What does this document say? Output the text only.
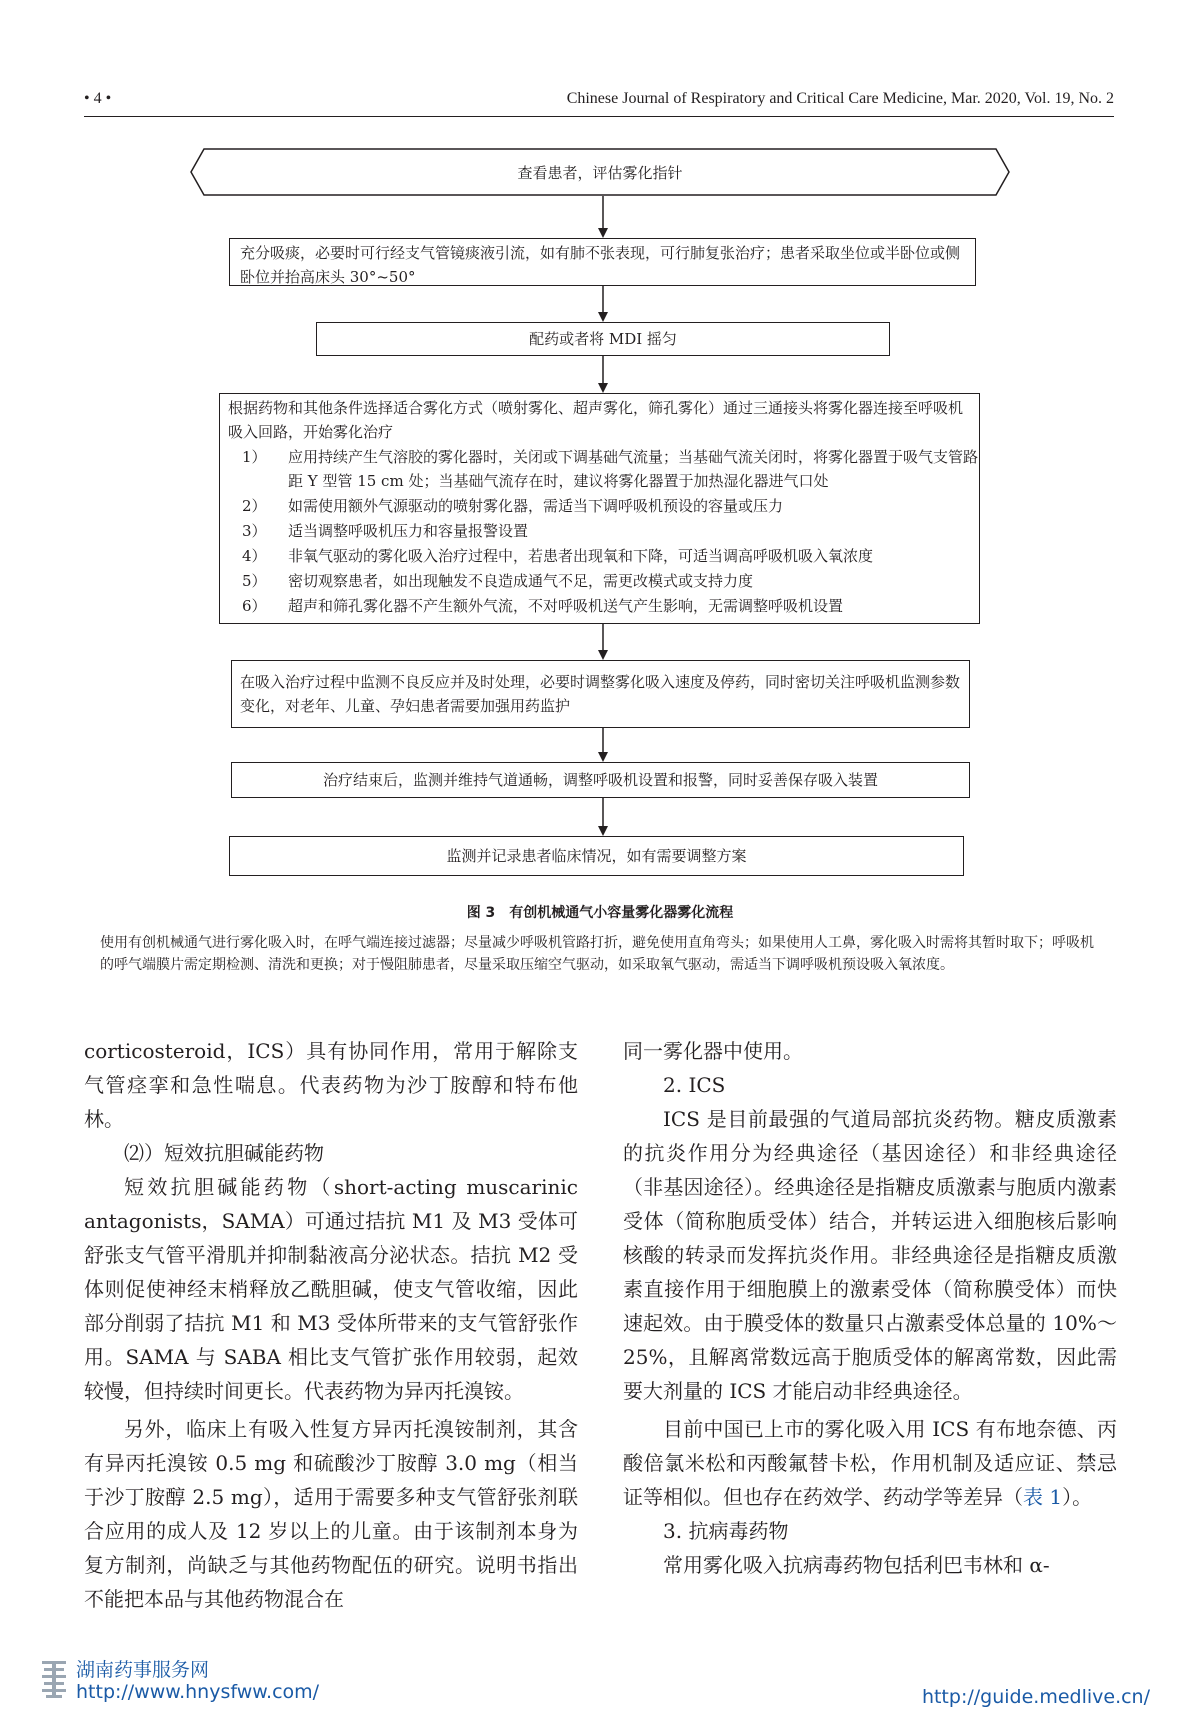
• 4 •	Chinese Journal of Respiratory and Critical Care Medicine, Mar. 2020, Vol. 19, No. 2
查看患者，评估雾化指针
充分吸痰，必要时可行经支气管镜痰液引流，如有肺不张表现，可行肺复张治疗；患者采取坐位或半卧位或侧卧位并抬高床头 30°~50°
配药或者将 MDI 摇匀
根据药物和其他条件选择适合雾化方式（喷射雾化、超声雾化，筛孔雾化）通过三通接头将雾化器连接至呼吸机吸入回路，开始雾化治疗
1） 应用持续产生气溶胶的雾化器时，关闭或下调基础气流量；当基础气流关闭时，将雾化器置于吸气支管路距 Y 型管 15 cm 处；当基础气流存在时，建议将雾化器置于加热湿化器进气口处
2） 如需使用额外气源驱动的喷射雾化器，需适当下调呼吸机预设的容量或压力
3） 适当调整呼吸机压力和容量报警设置
4） 非氧气驱动的雾化吸入治疗过程中，若患者出现氧和下降，可适当调高呼吸机吸入氧浓度
5） 密切观察患者，如出现触发不良造成通气不足，需更改模式或支持力度
6） 超声和筛孔雾化器不产生额外气流，不对呼吸机送气产生影响，无需调整呼吸机设置
在吸入治疗过程中监测不良反应并及时处理，必要时调整雾化吸入速度及停药，同时密切关注呼吸机监测参数变化，对老年、儿童、孕妇患者需要加强用药监护
治疗结束后，监测并维持气道通畅，调整呼吸机设置和报警，同时妥善保存吸入装置
监测并记录患者临床情况，如有需要调整方案
图 3　有创机械通气小容量雾化器雾化流程
使用有创机械通气进行雾化吸入时，在呼气端连接过滤器；尽量减少呼吸机管路打折，避免使用直角弯头；如果使用人工鼻，雾化吸入时需将其暂时取下；呼吸机的呼气端膜片需定期检测、清洗和更换；对于慢阻肺患者，尽量采取压缩空气驱动，如采取氧气驱动，需适当下调呼吸机预设吸入氧浓度。

corticosteroid，ICS）具有协同作用，常用于解除支气管痉挛和急性喘息。代表药物为沙丁胺醇和特布他林。

⑵）短效抗胆碱能药物

短效抗胆碱能药物（short-acting muscarinic antagonists，SAMA）可通过拮抗 M1 及 M3 受体可舒张支气管平滑肌并抑制黏液高分泌状态。拮抗 M2 受体则促使神经末梢释放乙酰胆碱，使支气管收缩，因此部分削弱了拮抗 M1 和 M3 受体所带来的支气管舒张作用。SAMA 与 SABA 相比支气管扩张作用较弱，起效较慢，但持续时间更长。代表药物为异丙托溴铵。

另外，临床上有吸入性复方异丙托溴铵制剂，其含有异丙托溴铵 0.5 mg 和硫酸沙丁胺醇 3.0 mg（相当于沙丁胺醇 2.5 mg），适用于需要多种支气管舒张剂联合应用的成人及 12 岁以上的儿童。由于该制剂本身为复方制剂，尚缺乏与其他药物配伍的研究。说明书指出不能把本品与其他药物混合在

同一雾化器中使用。

2. ICS

ICS 是目前最强的气道局部抗炎药物。糖皮质激素的抗炎作用分为经典途径（基因途径）和非经典途径（非基因途径）。经典途径是指糖皮质激素与胞质内激素受体（简称胞质受体）结合，并转运进入细胞核后影响核酸的转录而发挥抗炎作用。非经典途径是指糖皮质激素直接作用于细胞膜上的激素受体（简称膜受体）而快速起效。由于膜受体的数量只占激素受体总量的 10%～25%，且解离常数远高于胞质受体的解离常数，因此需要大剂量的 ICS 才能启动非经典途径。

目前中国已上市的雾化吸入用 ICS 有布地奈德、丙酸倍氯米松和丙酸氟替卡松，作用机制及适应证、禁忌证等相似。但也存在药效学、药动学等差异（表 1）。

3. 抗病毒药物

常用雾化吸入抗病毒药物包括利巴韦林和 α-

湖南药事服务网
http://www.hnysfww.com/	http://guide.medlive.cn/
